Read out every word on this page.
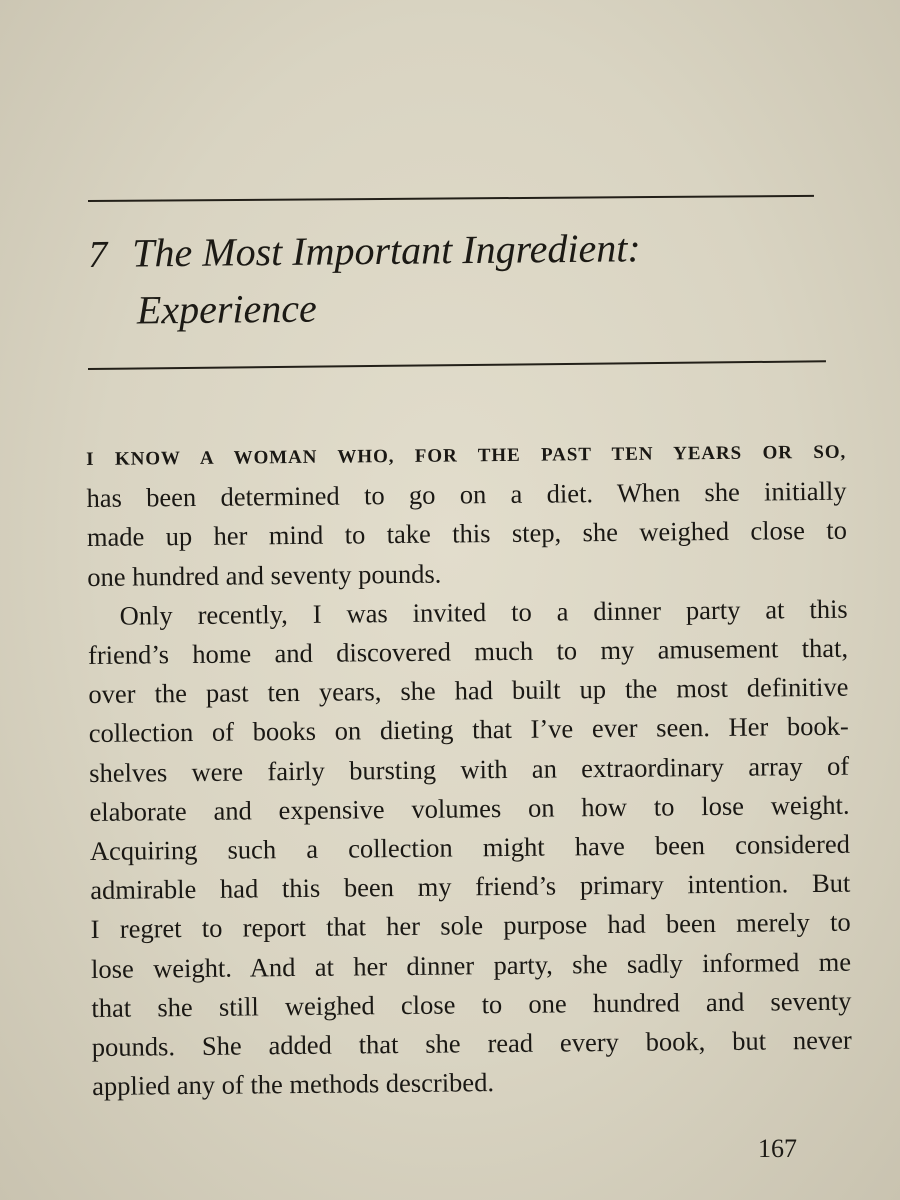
7 The Most Important Ingredient:
Experience
I KNOW A WOMAN WHO, FOR THE PAST TEN YEARS OR SO,
has been determined to go on a diet. When she initially
made up her mind to take this step, she weighed close to
one hundred and seventy pounds.
Only recently, I was invited to a dinner party at this
friend’s home and discovered much to my amusement that,
over the past ten years, she had built up the most definitive
collection of books on dieting that I’ve ever seen. Her book-
shelves were fairly bursting with an extraordinary array of
elaborate and expensive volumes on how to lose weight.
Acquiring such a collection might have been considered
admirable had this been my friend’s primary intention. But
I regret to report that her sole purpose had been merely to
lose weight. And at her dinner party, she sadly informed me
that she still weighed close to one hundred and seventy
pounds. She added that she read every book, but never
applied any of the methods described.
167
